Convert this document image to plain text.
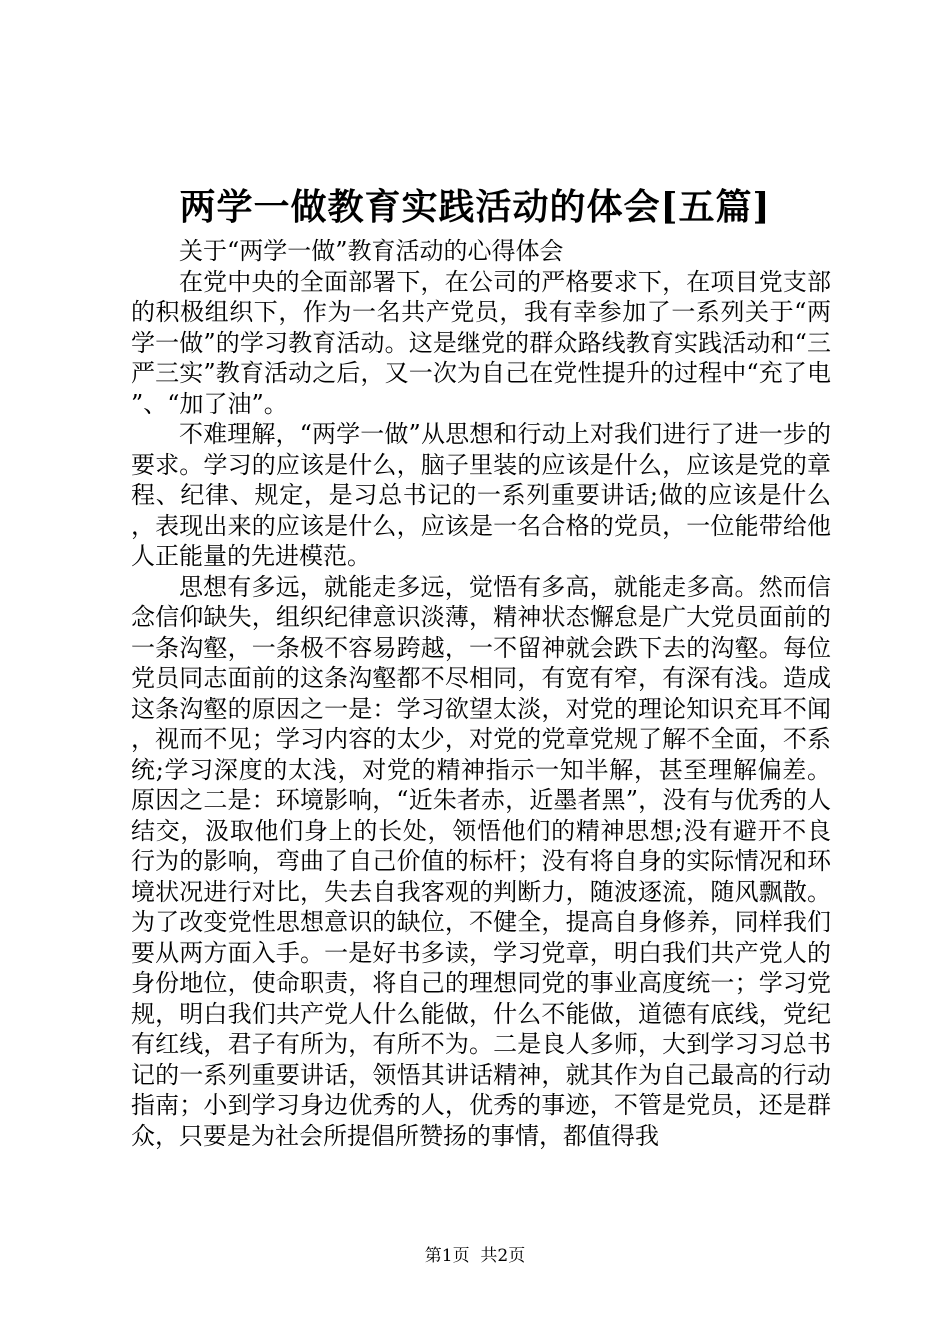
两学一做教育实践活动的体会[五篇]

关于“两学一做”教育活动的心得体会

在党中央的全面部署下，在公司的严格要求下，在项目党支部的积极组织下，作为一名共产党员，我有幸参加了一系列关于“两学一做”的学习教育活动。这是继党的群众路线教育实践活动和“三严三实”教育活动之后，又一次为自己在党性提升的过程中“充了电”、“加了油”。

不难理解，“两学一做”从思想和行动上对我们进行了进一步的要求。学习的应该是什么，脑子里装的应该是什么，应该是党的章程、纪律、规定，是习总书记的一系列重要讲话;做的应该是什么，表现出来的应该是什么，应该是一名合格的党员，一位能带给他人正能量的先进模范。

思想有多远，就能走多远，觉悟有多高，就能走多高。然而信念信仰缺失，组织纪律意识淡薄，精神状态懈怠是广大党员面前的一条沟壑，一条极不容易跨越，一不留神就会跌下去的沟壑。每位党员同志面前的这条沟壑都不尽相同，有宽有窄，有深有浅。造成这条沟壑的原因之一是：学习欲望太淡，对党的理论知识充耳不闻，视而不见；学习内容的太少，对党的党章党规了解不全面，不系统;学习深度的太浅，对党的精神指示一知半解，甚至理解偏差。原因之二是：环境影响，“近朱者赤，近墨者黑”，没有与优秀的人结交，汲取他们身上的长处，领悟他们的精神思想;没有避开不良行为的影响，弯曲了自己价值的标杆；没有将自身的实际情况和环境状况进行对比，失去自我客观的判断力，随波逐流，随风飘散。为了改变党性思想意识的缺位，不健全，提高自身修养，同样我们要从两方面入手。一是好书多读，学习党章，明白我们共产党人的身份地位，使命职责，将自己的理想同党的事业高度统一；学习党规，明白我们共产党人什么能做，什么不能做，道德有底线，党纪有红线，君子有所为，有所不为。二是良人多师，大到学习习总书记的一系列重要讲话，领悟其讲话精神，就其作为自己最高的行动指南；小到学习身边优秀的人，优秀的事迹，不管是党员，还是群众，只要是为社会所提倡所赞扬的事情，都值得我

第1页  共2页
